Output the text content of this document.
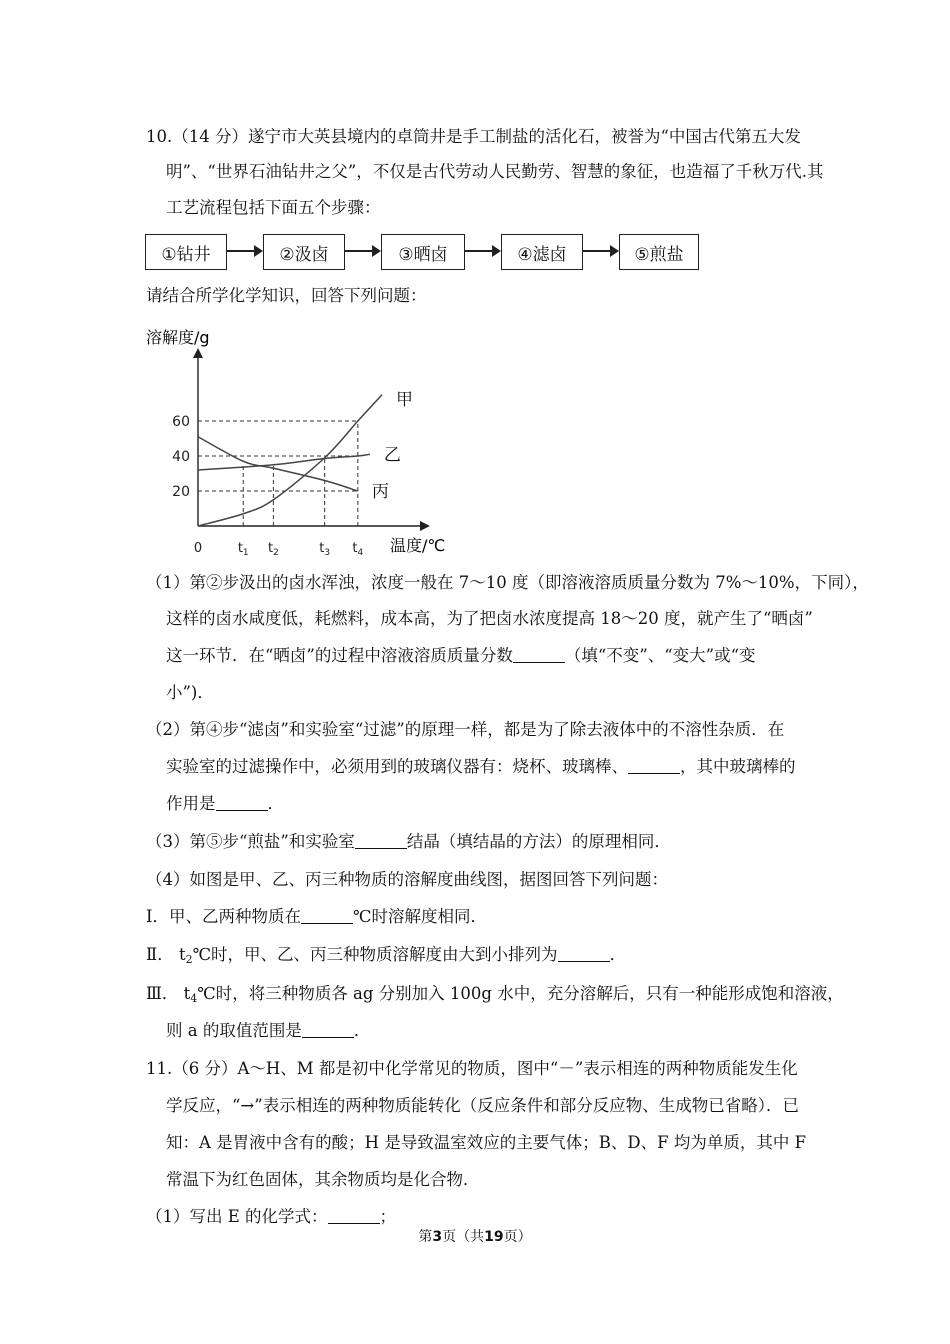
10.（14 分）遂宁市大英县境内的卓筒井是手工制盐的活化石，被誉为“中国古代第五大发
明”、“世界石油钻井之父”，不仅是古代劳动人民勤劳、智慧的象征，也造福了千秋万代.其
工艺流程包括下面五个步骤：
①钻井	②汲卤	③晒卤	④滤卤	⑤煎盐
请结合所学化学知识，回答下列问题：
溶解度/g
温度/℃
20
40
60
0	$t_1$ $t_2$	$t_3$ $t_4$
甲
乙
丙
（1）第②步汲出的卤水浑浊，浓度一般在 7～10 度（即溶液溶质质量分数为 7%～10%，下同），
这样的卤水咸度低，耗燃料，成本高，为了把卤水浓度提高 18～20 度，就产生了“晒卤”
这一环节．在“晒卤”的过程中溶液溶质质量分数	（填“不变”、“变大”或“变
小”)．
（2）第④步“滤卤”和实验室“过滤”的原理一样，都是为了除去液体中的不溶性杂质．在
实验室的过滤操作中，必须用到的玻璃仪器有：烧杯、玻璃棒、	，其中玻璃棒的
作用是	．
（3）第⑤步“煎盐”和实验室	结晶（填结晶的方法）的原理相同．
（4）如图是甲、乙、丙三种物质的溶解度曲线图，据图回答下列问题：
Ⅰ．甲、乙两种物质在	℃时溶解度相同．
Ⅱ． $t_2℃$时，甲、乙、丙三种物质溶解度由大到小排列为	．
Ⅲ． $t_4℃$时，将三种物质各 ag 分别加入 100g 水中，充分溶解后，只有一种能形成饱和溶液，
则 a 的取值范围是	．
11.（6 分）A～H、M 都是初中化学常见的物质，图中“－”表示相连的两种物质能发生化
学反应，“→”表示相连的两种物质能转化（反应条件和部分反应物、生成物已省略）．已
知：A 是胃液中含有的酸；H 是导致温室效应的主要气体；B、D、F 均为单质，其中 F
常温下为红色固体，其余物质均是化合物．
（1）写出 E 的化学式：	；
第3页（共19页）
